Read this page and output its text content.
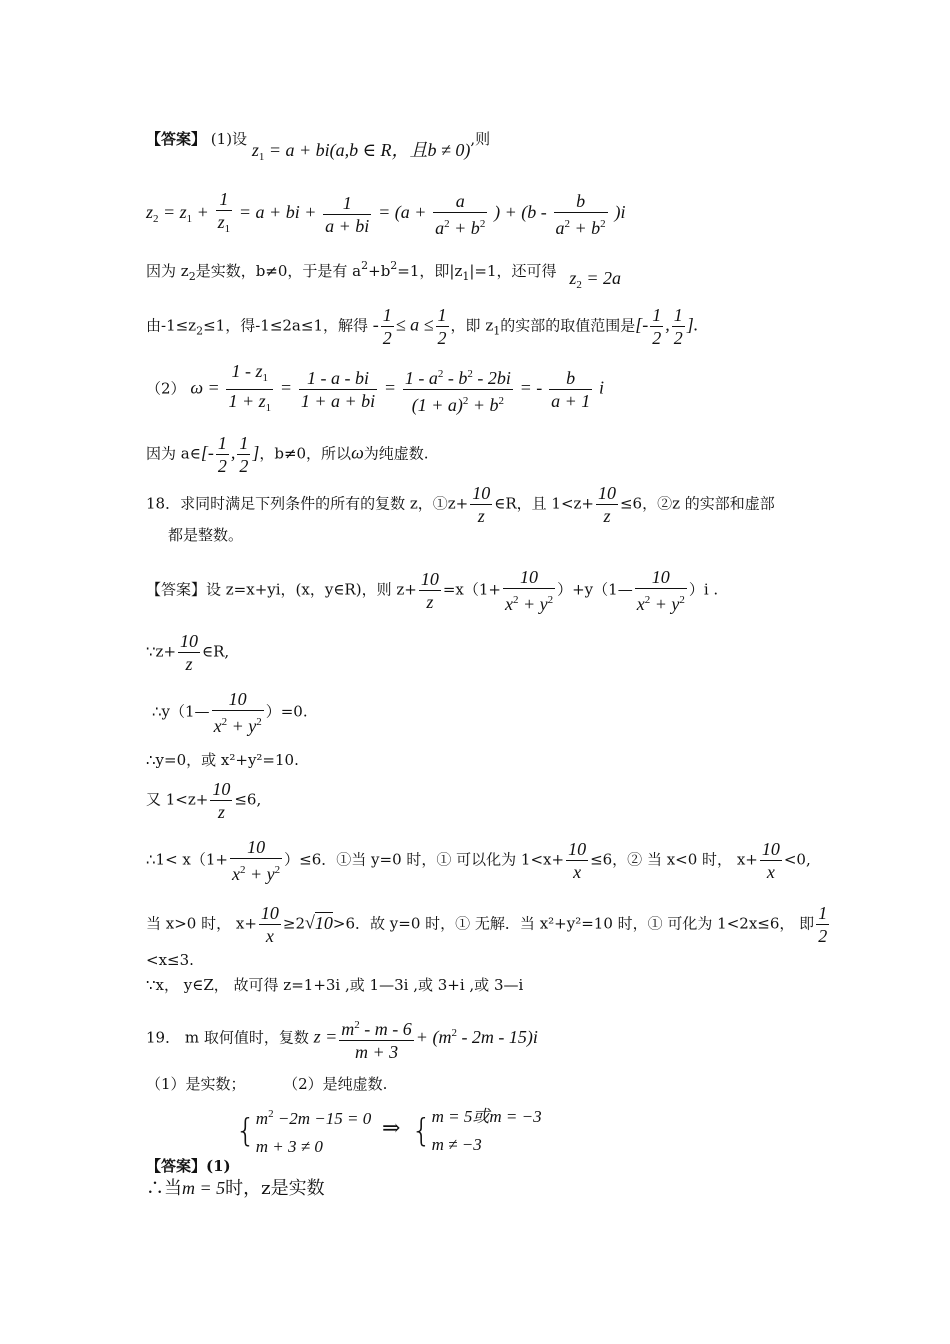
【答案】 (1)设 $z_1 = a + bi(a,b$ ∈ R，且b ≠ 0),则
$z_2 = z_1 + \frac{1}{z_1} = a$ + bi + $\frac{1}{a + bi} = (a + \frac{a}{a^2 + b^2}$ ) + $(b - \frac{b}{a^2 + b^2} )i$
因为 $z_2$是实数，b≠0，于是有 $a^2+b^2=1$，即$|z_1|=1$，还可得 $z_2 = 2a$
由$-1\le z_2\le 1$，得-1≤2a≤1，解得 - $\frac{1}{2} \le a \le \frac{1}{2}$ ，即 $z_1$的实部的取值范围是[- $\frac{1}{2}$ , $\frac{1}{2}$ ].
（2） $\omega = \frac{1 - z_1}{1 + z_1} = \frac{1 - a - bi}{1 + a + bi} = \frac{1 - a^2 - b^2 - 2bi}{(1 + a)^2 + b^2}$ = - $\frac{b}{a + 1}$ i
因为 a∈[- $\frac{1}{2}$ , $\frac{1}{2}$ ]，b≠0，所以ω为纯虚数.
18．求同时满足下列条件的所有的复数 z，①z+ $\frac{10}{z}$ ∈R，且 $1<z+ \frac{10}{z} \le 6$，②z 的实部和虚部
都是整数。
【答案】设 z=x+yi，(x，y∈R)，则 $z+ \frac{10}{z} =x(1+ \frac{10}{x^2 + y^2}$ ）+y（1— $\frac{10}{x^2 + y^2} )i$ .
∵z+ $\frac{10}{z}$ ∈R,
∴y（1— $\frac{10}{x^2 + y^2} )=0$.
∴y=0，或 x²+y²=10.
又 $1<z+ \frac{10}{z} \le 6$,
∴1< $x(1+ \frac{10}{x^2 + y^2} )\le 6$．①当 y=0 时，① 可以化为 $1<x+ \frac{10}{x} \le 6$，② 当 x<0 时， $x+ \frac{10}{x} <0$,
当 x>0 时， $x+ \frac{10}{x} \ge 2√10>6$．故 y=0 时，① 无解．当 x²+y²=10 时，① 可化为 1<2x≤6， 即 $\frac{1}{2}$
<x≤3.
∵x， y∈Z， 故可得 z=1+3i ,或 1—3i ,或 3+i ,或 3—i
19． m 取何值时，复数 $z = \frac{m^2 - m - 6}{m + 3} + (m^2 - 2m - 15)i$
（1）是实数；	（2）是纯虚数.
【答案】(1) { $m^2 -2m -15 = 0$
m + 3 ≠ 0
⇒ { m = 5或m = −3
m ≠ −3
∴当m = 5时，z是实数
